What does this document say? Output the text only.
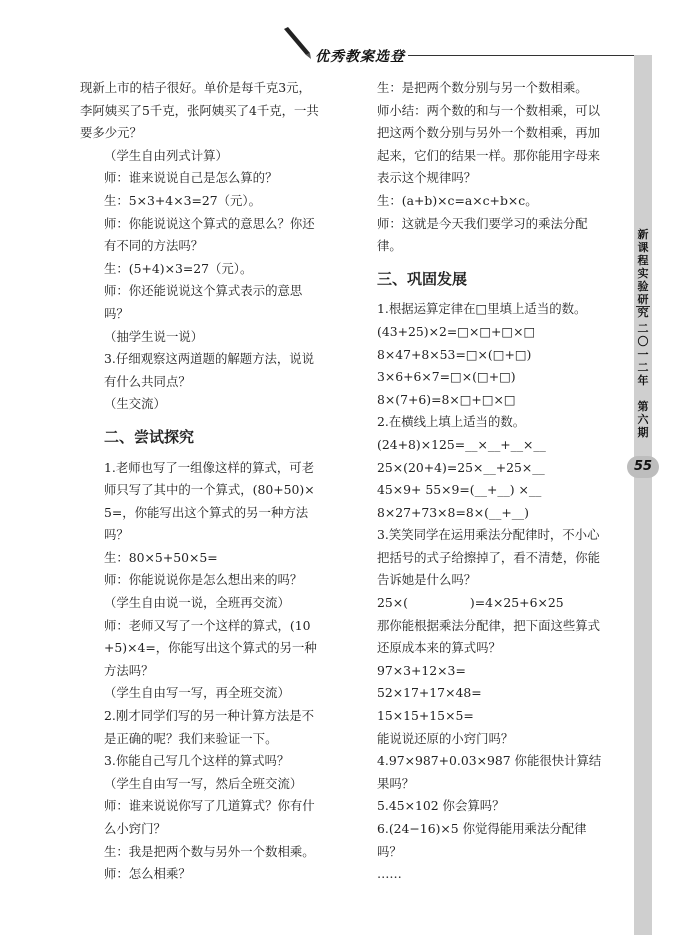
优秀教案选登
新
课
程
实
验
研
究
二
〇
一
二
年

第
六
期
55

现新上市的桔子很好。单价是每千克3元，李阿姨买了5千克，张阿姨买了4千克，一共要多少元？

（学生自由列式计算）

师：谁来说说自己是怎么算的？

生：5×3+4×3=27（元）。

师：你能说说这个算式的意思么？你还有不同的方法吗？

生：(5+4)×3=27（元）。

师：你还能说说这个算式表示的意思吗？

（抽学生说一说）

3.仔细观察这两道题的解题方法，说说有什么共同点？

（生交流）

二、尝试探究

1.老师也写了一组像这样的算式，可老师只写了其中的一个算式，(80+50)×5=，你能写出这个算式的另一种方法吗？

生：80×5+50×5=

师：你能说说你是怎么想出来的吗？

（学生自由说一说，全班再交流）

师：老师又写了一个这样的算式，(10+5)×4=，你能写出这个算式的另一种方法吗？

（学生自由写一写，再全班交流）

2.刚才同学们写的另一种计算方法是不是正确的呢？我们来验证一下。

3.你能自己写几个这样的算式吗？

（学生自由写一写，然后全班交流）

师：谁来说说你写了几道算式？你有什么小窍门？

生：我是把两个数与另外一个数相乘。

师：怎么相乘？

生：是把两个数分别与另一个数相乘。

师小结：两个数的和与一个数相乘，可以把这两个数分别与另外一个数相乘，再加起来，它们的结果一样。那你能用字母来表示这个规律吗？

生：(a+b)×c=a×c+b×c。

师：这就是今天我们要学习的乘法分配律。

三、巩固发展

1.根据运算定律在□里填上适当的数。

(43+25)×2=□×□+□×□

8×47+8×53=□×(□+□)

3×6+6×7=□×(□+□)

8×(7+6)=8×□+□×□

2.在横线上填上适当的数。

(24+8)×125=__×__+__×__

25×(20+4)=25×__+25×__

45×9+ 55×9=(__+__) ×__

8×27+73×8=8×(__+__)

3.笑笑同学在运用乘法分配律时，不小心把括号的式子给擦掉了，看不清楚，你能告诉她是什么吗？

25×(　　　　　)=4×25+6×25

那你能根据乘法分配律，把下面这些算式还原成本来的算式吗？

97×3+12×3=

52×17+17×48=

15×15+15×5=

能说说还原的小窍门吗？

4.97×987+0.03×987 你能很快计算结果吗？

5.45×102 你会算吗？

6.(24−16)×5 你觉得能用乘法分配律吗？

……
